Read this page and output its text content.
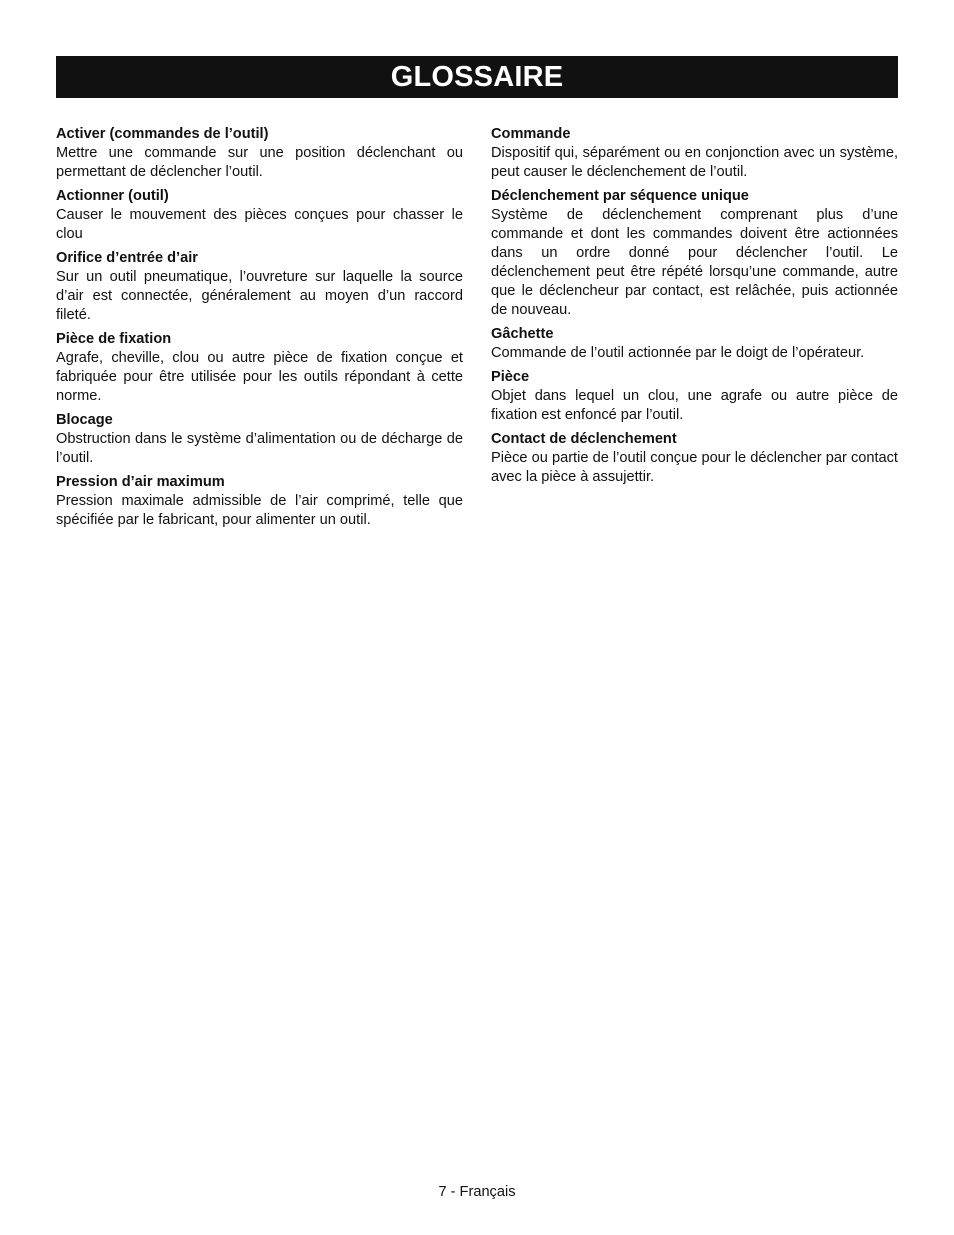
GLOSSAIRE

Activer (commandes de l’outil)

Mettre une commande sur une position déclenchant ou permettant de déclencher l’outil.

Actionner (outil)

Causer le mouvement des pièces conçues pour chasser le clou

Orifice d’entrée d’air

Sur un outil pneumatique, l’ouvreture sur laquelle la source d’air est connectée, généralement au moyen d’un raccord fileté.

Pièce de fixation

Agrafe, cheville, clou ou autre pièce de fixation conçue et fabriquée pour être utilisée pour les outils répondant à cette norme.

Blocage

Obstruction dans le système d’alimentation ou de décharge de l’outil.

Pression d’air maximum

Pression maximale admissible de l’air comprimé, telle que spécifiée par le fabricant, pour alimenter un outil.

Commande

Dispositif qui, séparément ou en conjonction avec un système, peut causer le déclenchement de l’outil.

Déclenchement par séquence unique

Système de déclenchement comprenant plus d’une commande et dont les commandes doivent être actionnées dans un ordre donné pour déclencher l’outil. Le déclenchement peut être répété lorsqu’une commande, autre que le déclencheur par contact, est relâchée, puis actionnée de nouveau.

Gâchette

Commande de l’outil actionnée par le doigt de l’opérateur.

Pièce

Objet dans lequel un clou, une agrafe ou autre pièce de fixation est enfoncé par l’outil.

Contact de déclenchement

Pièce ou partie de l’outil conçue pour le déclencher par contact avec la pièce à assujettir.

7 - Français
